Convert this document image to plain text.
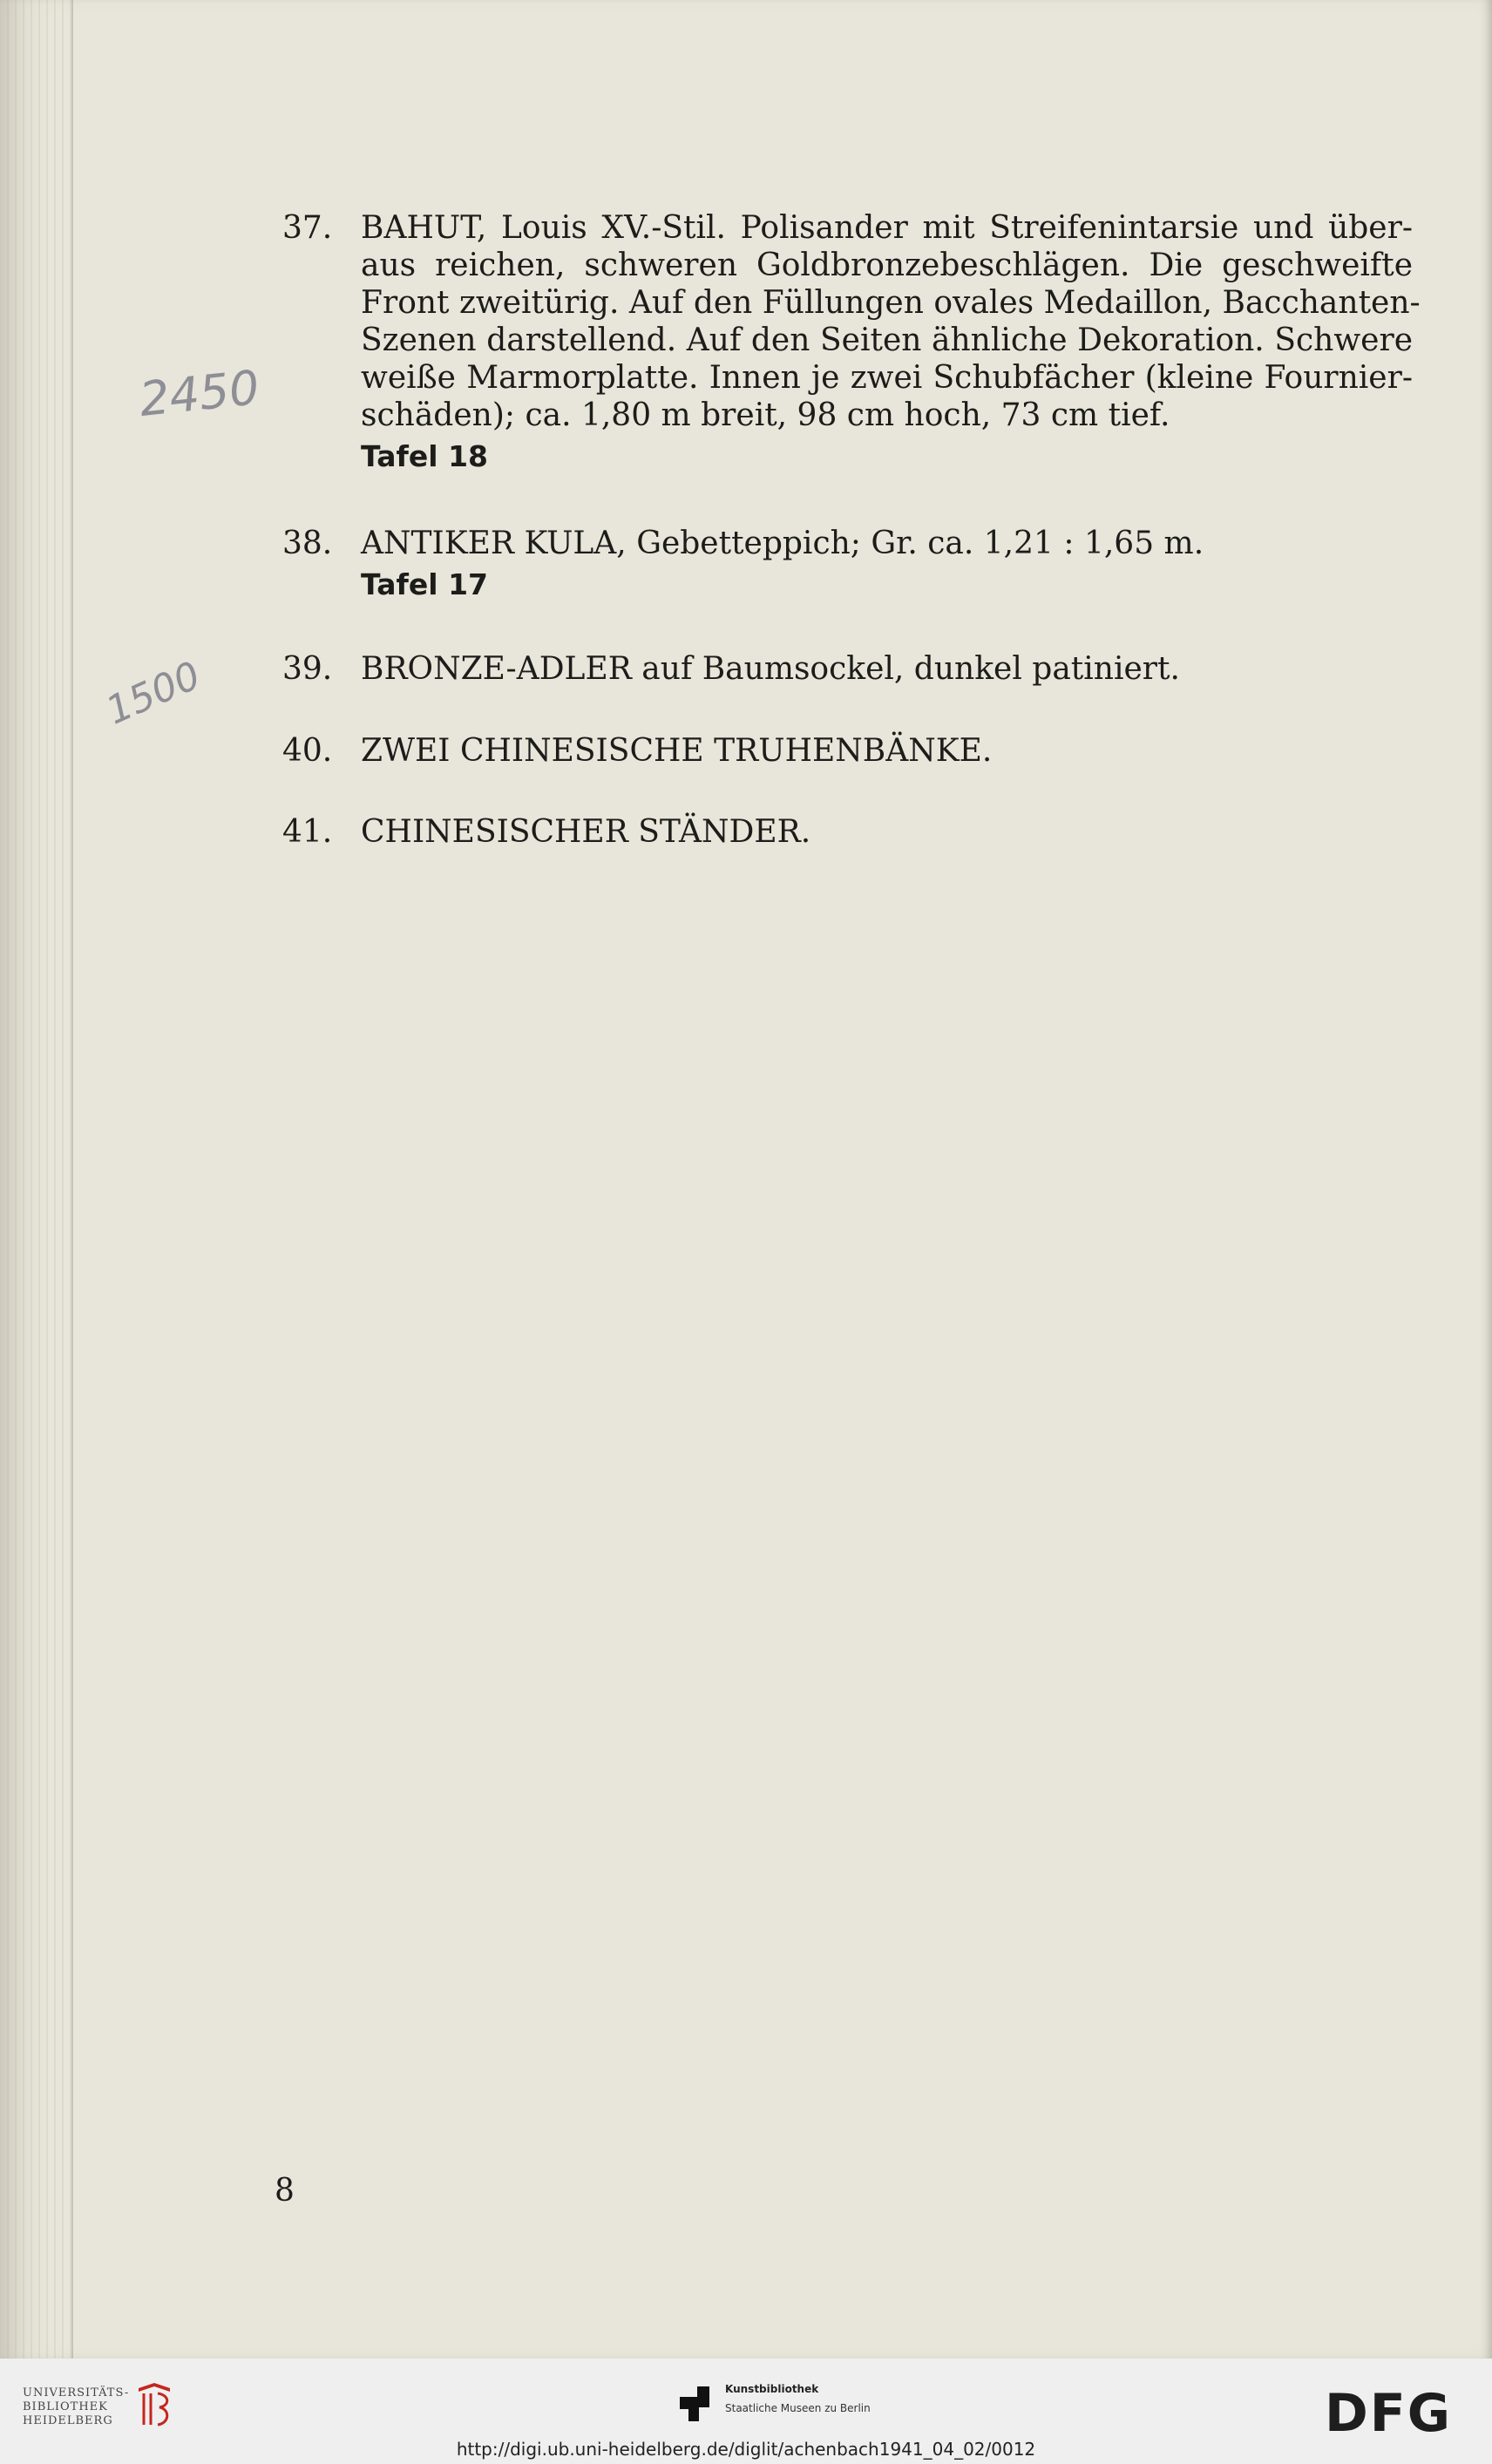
37. BAHUT, Louis XV.-Stil. Polisander mit Streifenintarsie und über-
aus reichen, schweren Goldbronzebeschlägen. Die geschweifte
Front zweitürig. Auf den Füllungen ovales Medaillon, Bacchanten-
Szenen darstellend. Auf den Seiten ähnliche Dekoration. Schwere
weiße Marmorplatte. Innen je zwei Schubfächer (kleine Fournier-
schäden); ca. 1,80 m breit, 98 cm hoch, 73 cm tief.
Tafel 18
38. ANTIKER KULA, Gebetteppich; Gr. ca. 1,21 : 1,65 m.
Tafel 17
39. BRONZE-ADLER auf Baumsockel, dunkel patiniert.
40. ZWEI CHINESISCHE TRUHENBÄNKE.
41. CHINESISCHER STÄNDER.
2450
1500
8
UNIVERSITÄTS-
BIBLIOTHEK
HEIDELBERG
Kunstbibliothek
Staatliche Museen zu Berlin	DFG
http://digi.ub.uni-heidelberg.de/diglit/achenbach1941_04_02/0012
